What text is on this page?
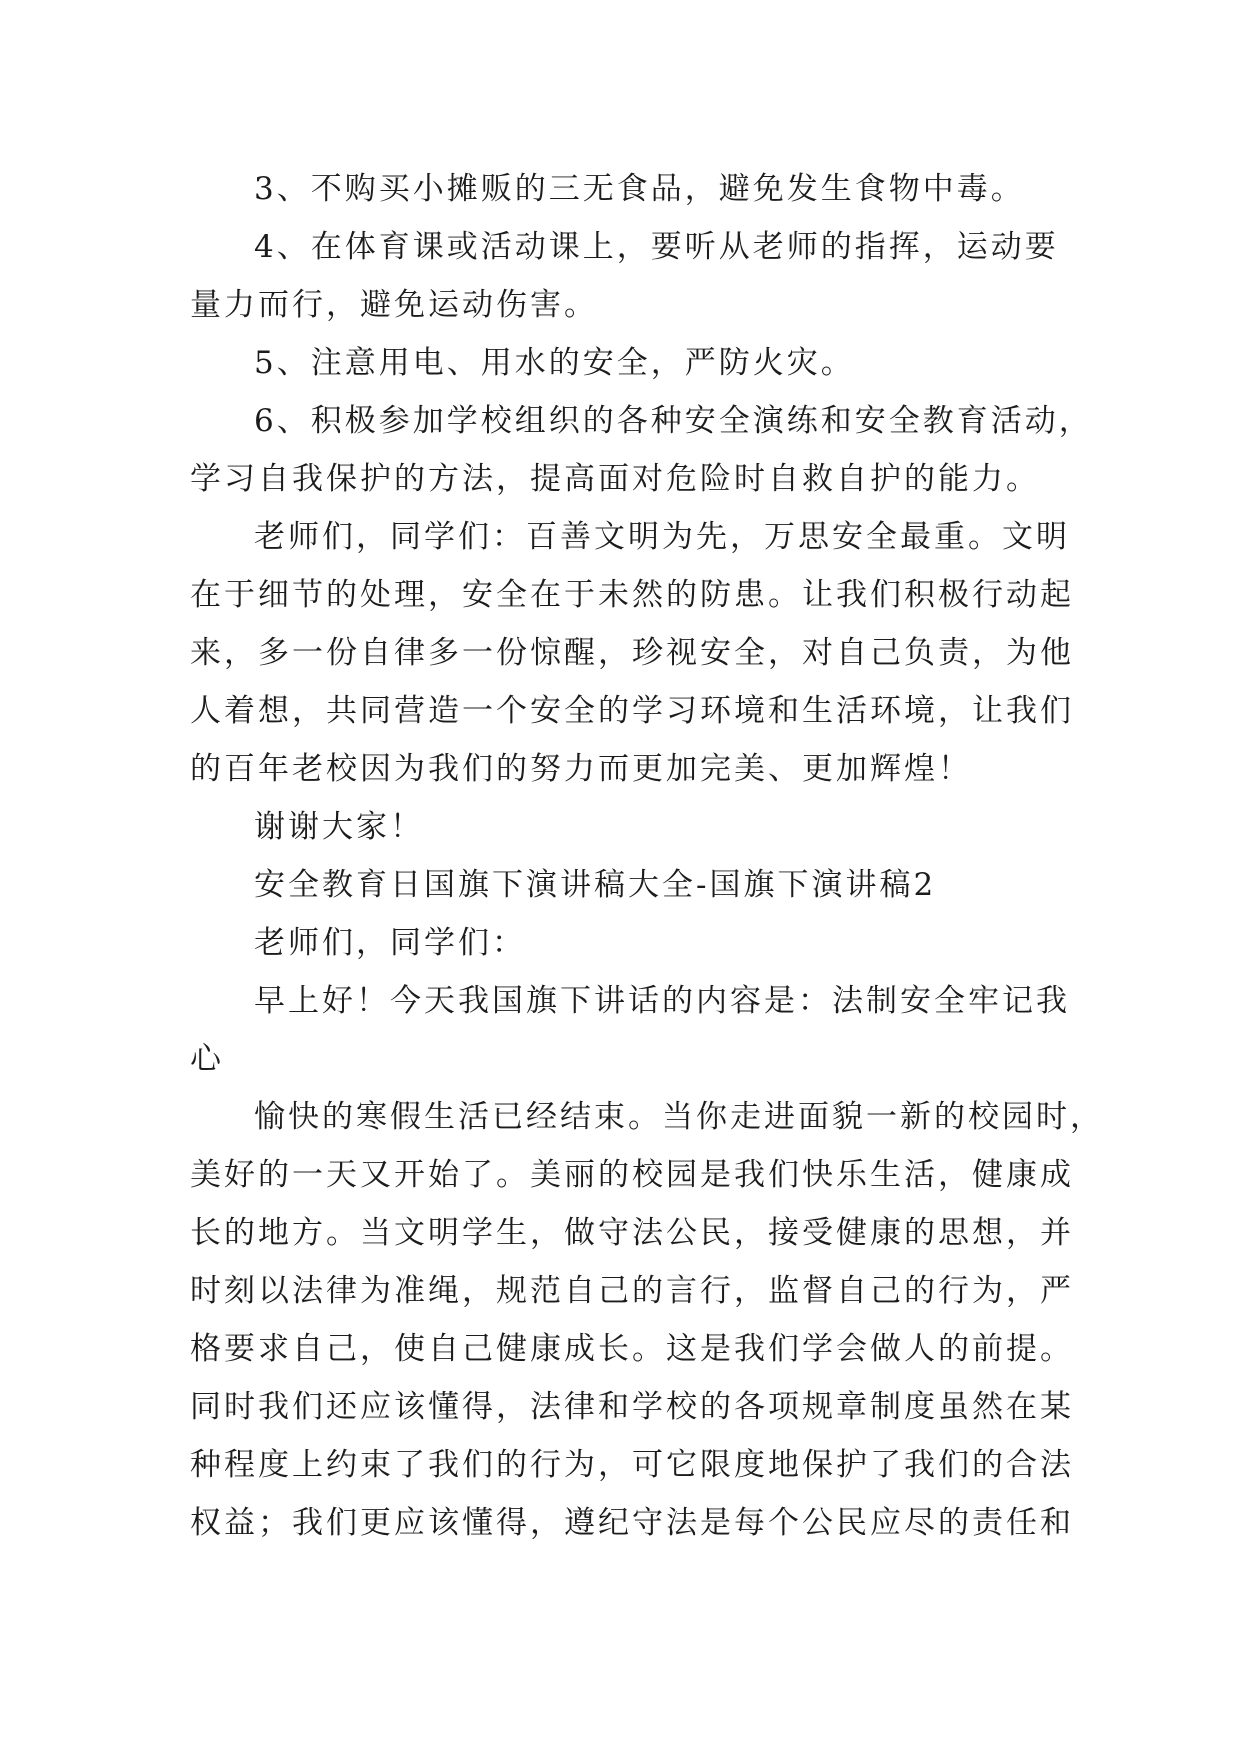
3、不购买小摊贩的三无食品，避免发生食物中毒。
4、在体育课或活动课上，要听从老师的指挥，运动要
量力而行，避免运动伤害。
5、注意用电、用水的安全，严防火灾。
6、积极参加学校组织的各种安全演练和安全教育活动，
学习自我保护的方法，提高面对危险时自救自护的能力。
老师们，同学们：百善文明为先，万思安全最重。文明
在于细节的处理，安全在于未然的防患。让我们积极行动起
来，多一份自律多一份惊醒，珍视安全，对自己负责，为他
人着想，共同营造一个安全的学习环境和生活环境，让我们
的百年老校因为我们的努力而更加完美、更加辉煌！
谢谢大家！
安全教育日国旗下演讲稿大全-国旗下演讲稿2
老师们，同学们：
早上好！今天我国旗下讲话的内容是：法制安全牢记我
心
愉快的寒假生活已经结束。当你走进面貌一新的校园时，
美好的一天又开始了。美丽的校园是我们快乐生活，健康成
长的地方。当文明学生，做守法公民，接受健康的思想，并
时刻以法律为准绳，规范自己的言行，监督自己的行为，严
格要求自己，使自己健康成长。这是我们学会做人的前提。
同时我们还应该懂得，法律和学校的各项规章制度虽然在某
种程度上约束了我们的行为，可它限度地保护了我们的合法
权益；我们更应该懂得，遵纪守法是每个公民应尽的责任和
